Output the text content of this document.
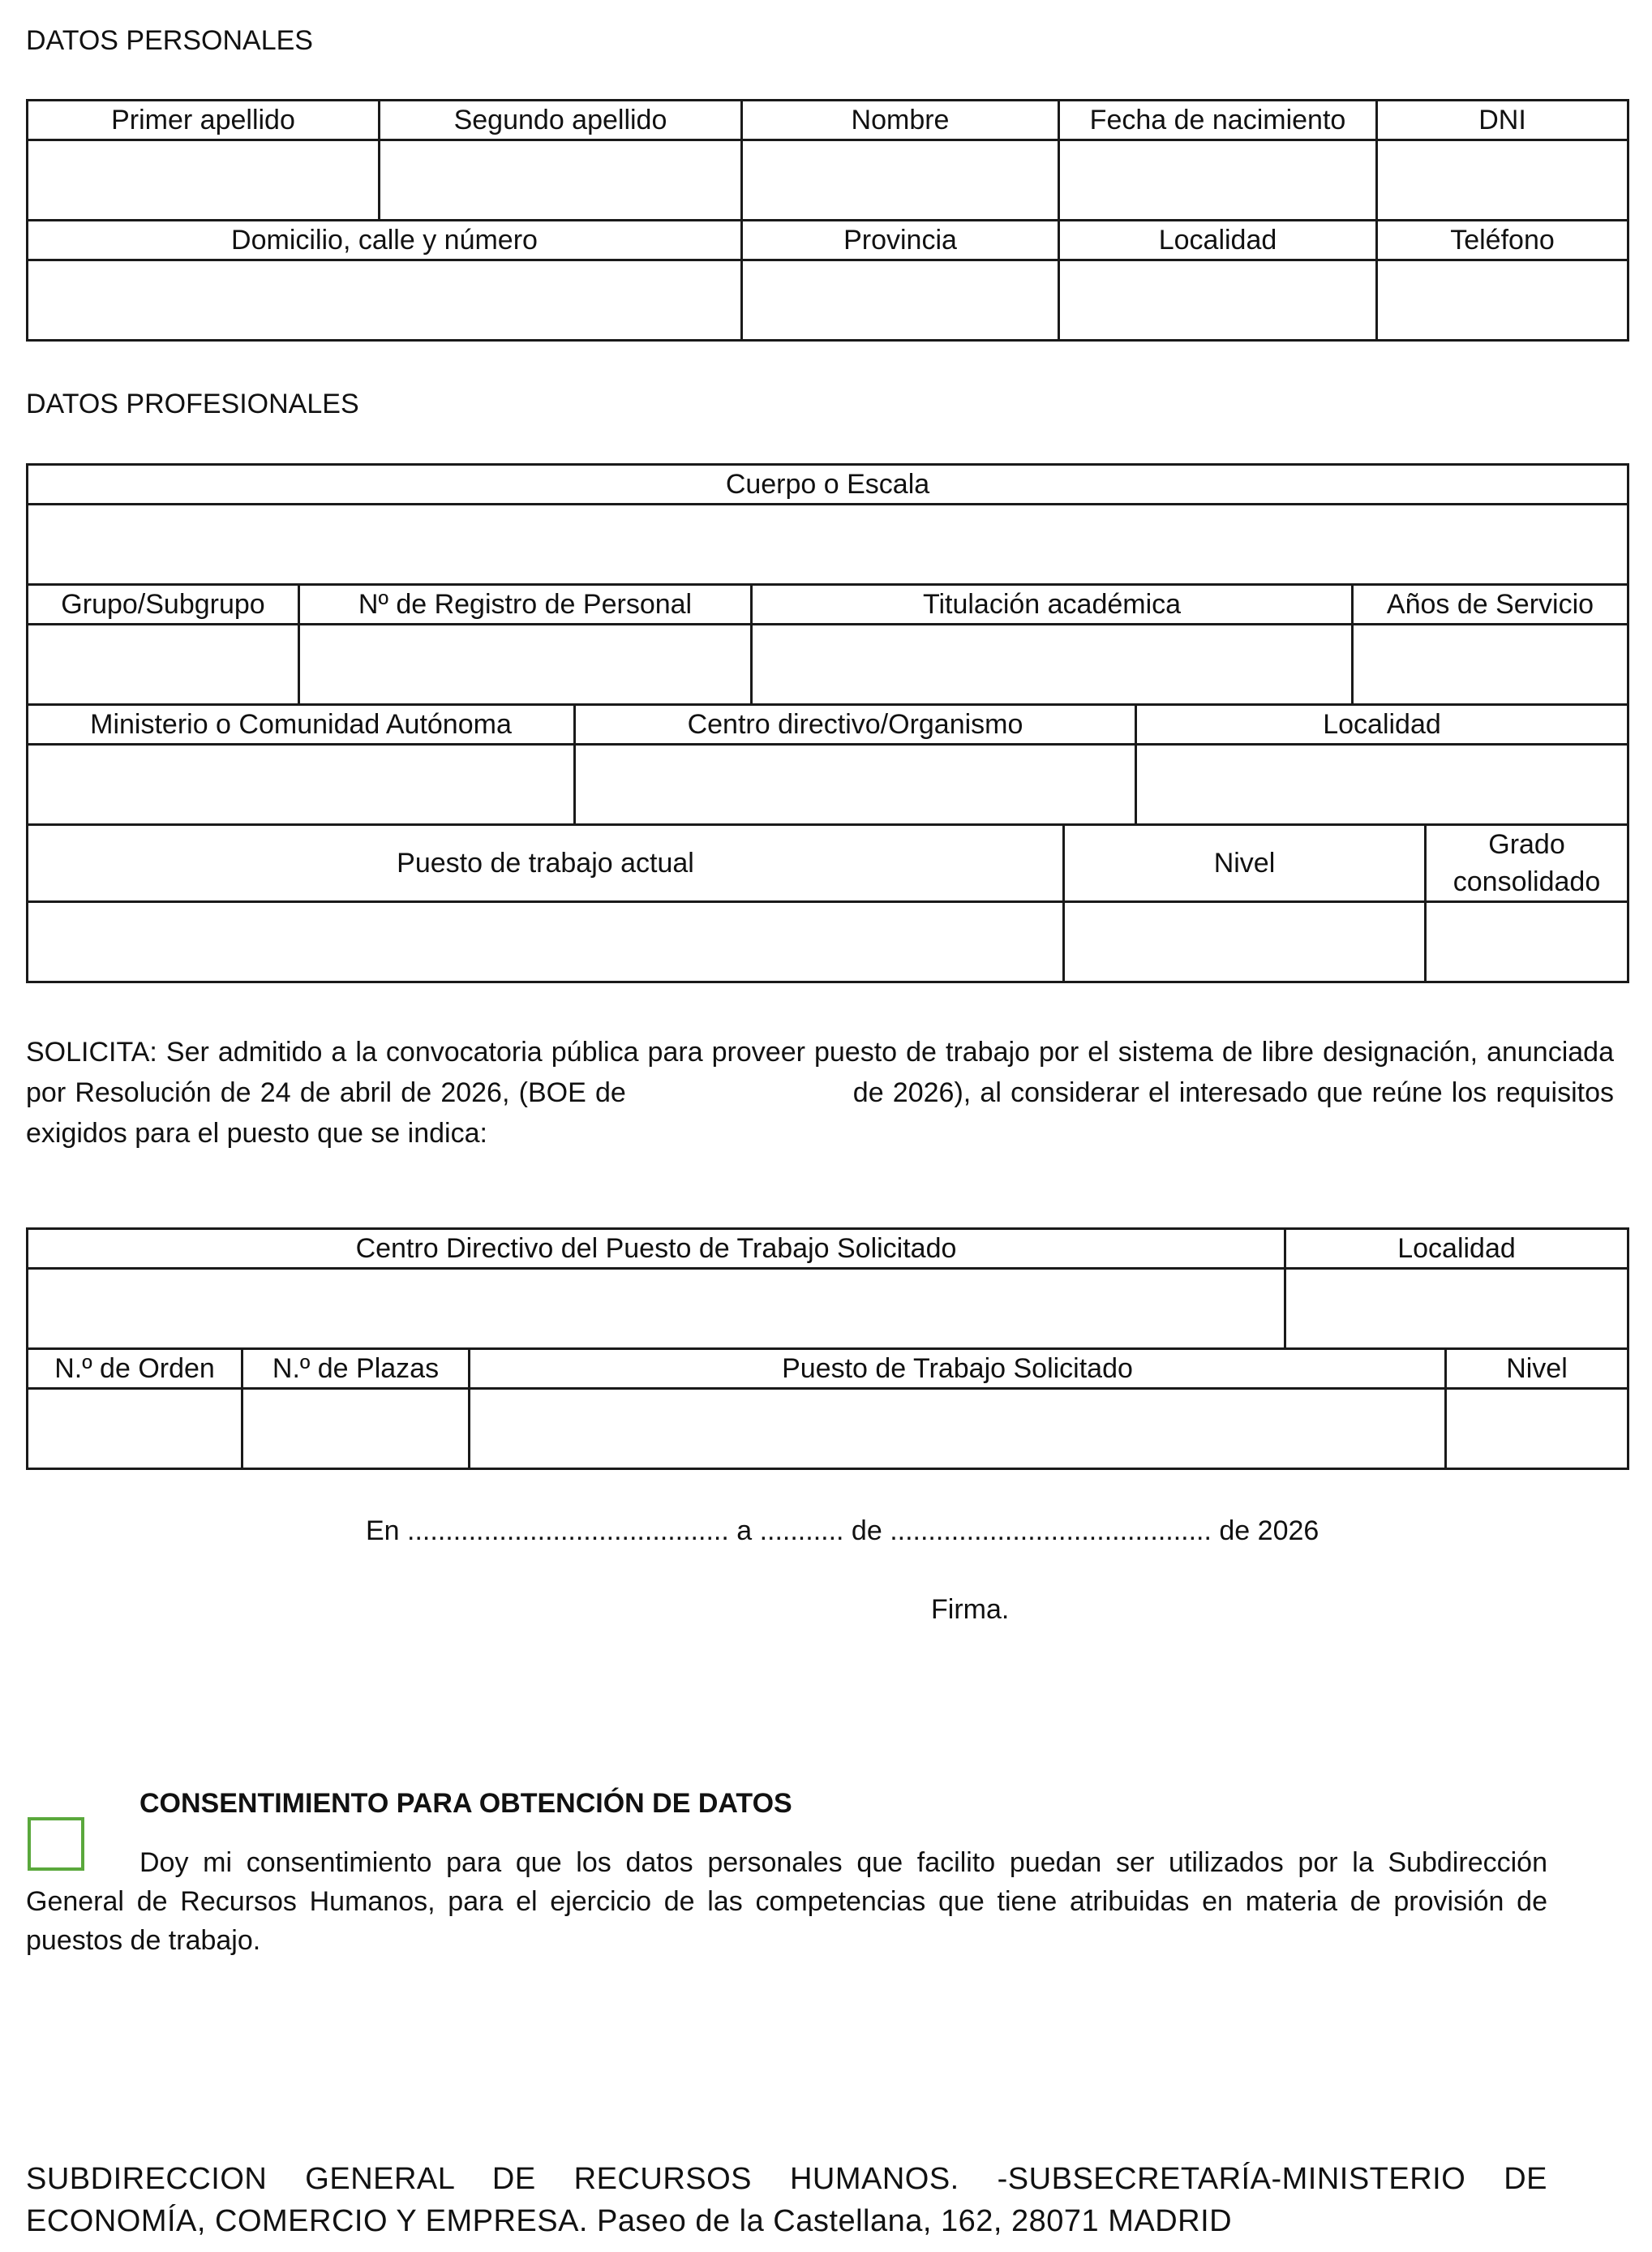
DATOS PERSONALES
Primer apellido	Segundo apellido	Nombre	Fecha de nacimiento	DNI

Domicilio, calle y número		Provincia	Localidad	Teléfono

DATOS PROFESIONALES
Cuerpo o Escala							

Grupo/Subgrupo	Nº de Registro de Personal		Titulación académica			Años de Servicio	

Ministerio o Comunidad Autónoma		Centro directivo/Organismo			Localidad		

Puesto de trabajo actual				Nivel			Grado consolidado

SOLICITA: Ser admitido a la convocatoria pública para proveer puesto de trabajo por el sistema de libre designación, anunciada por Resolución de 24 de abril de 2026, (BOE de	de 2026), al considerar el interesado que reúne los requisitos exigidos para el puesto que se indica:
Centro Directivo del Puesto de Trabajo Solicitado			Localidad	

N.º de Orden	N.º de Plazas	Puesto de Trabajo Solicitado		Nivel

En .......................................... a ........... de .......................................... de 2026
Firma.
CONSENTIMIENTO PARA OBTENCIÓN DE DATOS
Doy mi consentimiento para que los datos personales que facilito puedan ser utilizados por la Subdirección General de Recursos Humanos, para el ejercicio de las competencias que tiene atribuidas en materia de provisión de puestos de trabajo.
SUBDIRECCION GENERAL DE RECURSOS HUMANOS. -SUBSECRETARÍA-MINISTERIO DE ECONOMÍA, COMERCIO Y EMPRESA. Paseo de la Castellana, 162, 28071 MADRID
